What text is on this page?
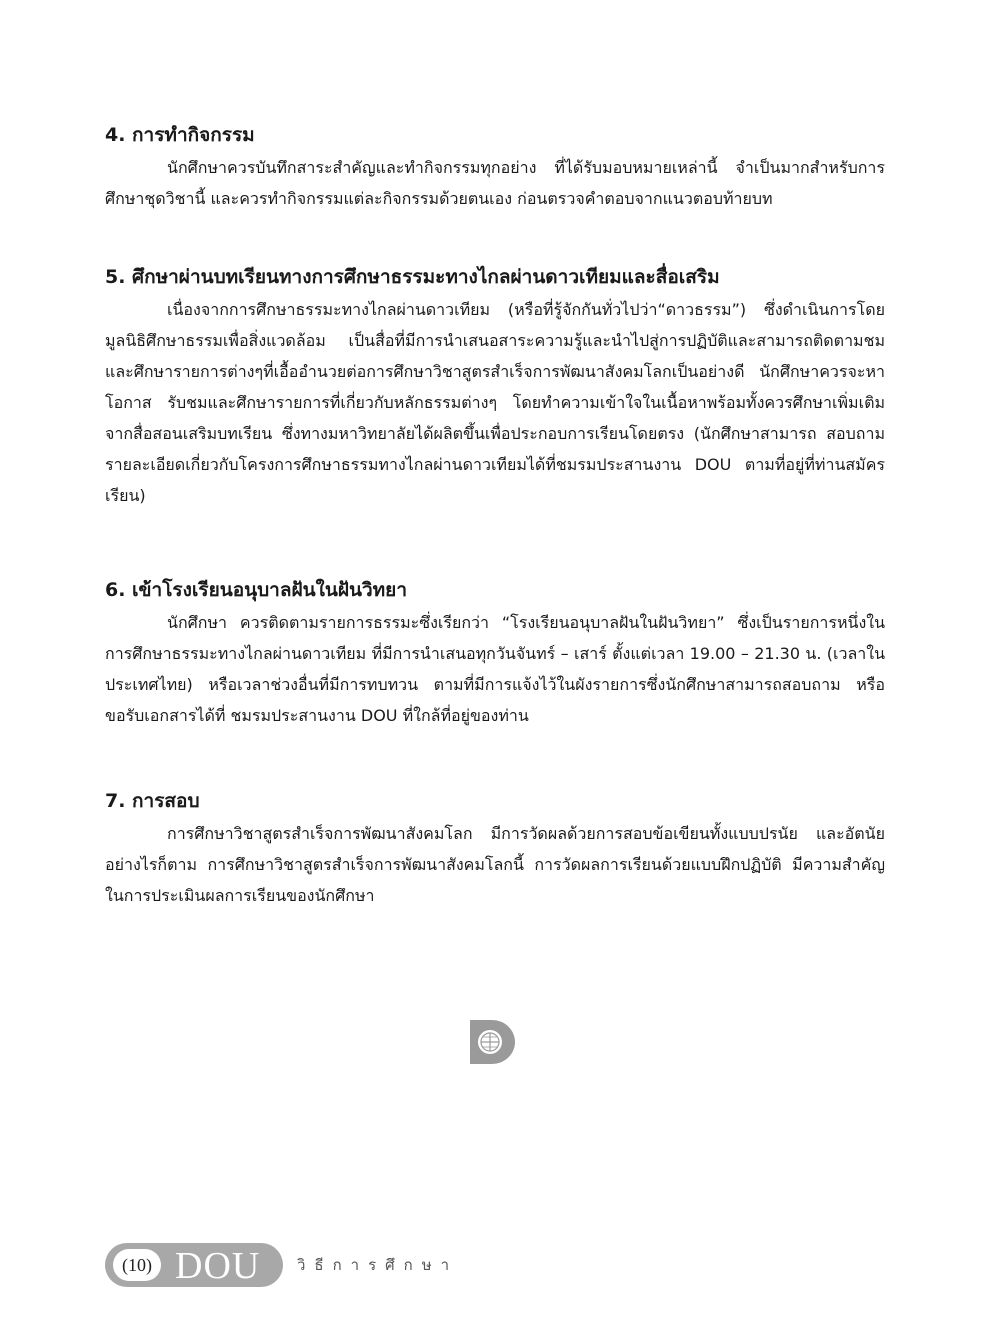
4. การทำกิจกรรม

นักศึกษาควรบันทึกสาระสำคัญและทำกิจกรรมทุกอย่าง ที่ได้รับมอบหมายเหล่านี้ จำเป็นมากสำหรับการศึกษาชุดวิชานี้ และควรทำกิจกรรมแต่ละกิจกรรมด้วยตนเอง ก่อนตรวจคำตอบจากแนวตอบท้ายบท

5. ศึกษาผ่านบทเรียนทางการศึกษาธรรมะทางไกลผ่านดาวเทียมและสื่อเสริม

เนื่องจากการศึกษาธรรมะทางไกลผ่านดาวเทียม (หรือที่รู้จักกันทั่วไปว่า“ดาวธรรม”) ซึ่งดำเนินการโดยมูลนิธิศึกษาธรรมเพื่อสิ่งแวดล้อม เป็นสื่อที่มีการนำเสนอสาระความรู้และนำไปสู่การปฏิบัติและสามารถติดตามชมและศึกษารายการต่างๆที่เอื้ออำนวยต่อการศึกษาวิชาสูตรสำเร็จการพัฒนาสังคมโลกเป็นอย่างดี นักศึกษาควรจะหาโอกาส รับชมและศึกษารายการที่เกี่ยวกับหลักธรรมต่างๆ โดยทำความเข้าใจในเนื้อหาพร้อมทั้งควรศึกษาเพิ่มเติม จากสื่อสอนเสริมบทเรียน ซึ่งทางมหาวิทยาลัยได้ผลิตขึ้นเพื่อประกอบการเรียนโดยตรง (นักศึกษาสามารถ สอบถามรายละเอียดเกี่ยวกับโครงการศึกษาธรรมทางไกลผ่านดาวเทียมได้ที่ชมรมประสานงาน DOU ตามที่อยู่ที่ท่านสมัครเรียน)

6. เข้าโรงเรียนอนุบาลฝันในฝันวิทยา

นักศึกษา ควรติดตามรายการธรรมะซึ่งเรียกว่า “โรงเรียนอนุบาลฝันในฝันวิทยา” ซึ่งเป็นรายการหนึ่งในการศึกษาธรรมะทางไกลผ่านดาวเทียม ที่มีการนำเสนอทุกวันจันทร์ – เสาร์ ตั้งแต่เวลา 19.00 – 21.30 น. (เวลาในประเทศไทย) หรือเวลาช่วงอื่นที่มีการทบทวน ตามที่มีการแจ้งไว้ในผังรายการซึ่งนักศึกษาสามารถสอบถาม หรือ ขอรับเอกสารได้ที่ ชมรมประสานงาน DOU ที่ใกล้ที่อยู่ของท่าน

7. การสอบ

การศึกษาวิชาสูตรสำเร็จการพัฒนาสังคมโลก มีการวัดผลด้วยการสอบข้อเขียนทั้งแบบปรนัย และอัตนัย อย่างไรก็ตาม การศึกษาวิชาสูตรสำเร็จการพัฒนาสังคมโลกนี้ การวัดผลการเรียนด้วยแบบฝึกปฏิบัติ มีความสำคัญในการประเมินผลการเรียนของนักศึกษา

(10) DOU วิธีการศึกษา
